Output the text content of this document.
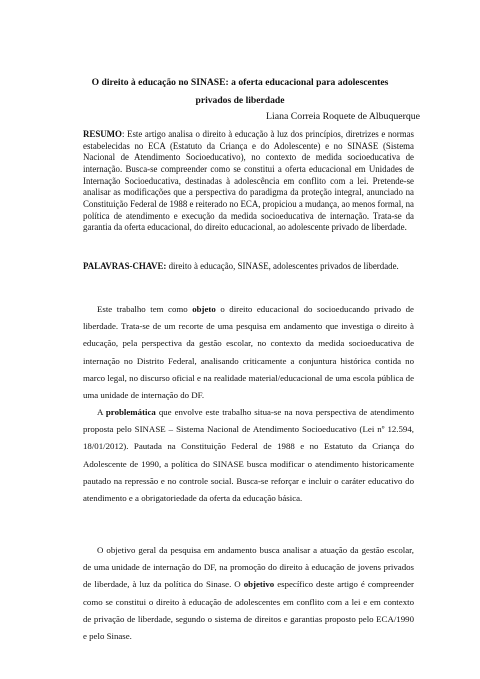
O direito à educação no SINASE: a oferta educacional para adolescentes
privados de liberdade
Liana Correia Roquete de Albuquerque

RESUMO: Este artigo analisa o direito à educação à luz dos princípios, diretrizes e normas estabelecidas no ECA (Estatuto da Criança e do Adolescente) e no SINASE (Sistema Nacional de Atendimento Socioeducativo), no contexto de medida socioeducativa de internação. Busca-se compreender como se constitui a oferta educacional em Unidades de Internação Socioeducativa, destinadas à adolescência em conflito com a lei. Pretende-se analisar as modificações que a perspectiva do paradigma da proteção integral, anunciado na Constituição Federal de 1988 e reiterado no ECA, propiciou a mudança, ao menos formal, na política de atendimento e execução da medida socioeducativa de internação. Trata-se da garantia da oferta educacional, do direito educacional, ao adolescente privado de liberdade.

PALAVRAS-CHAVE: direito à educação, SINASE, adolescentes privados de liberdade.

Este trabalho tem como objeto o direito educacional do socioeducando privado de liberdade. Trata-se de um recorte de uma pesquisa em andamento que investiga o direito à educação, pela perspectiva da gestão escolar, no contexto da medida socioeducativa de internação no Distrito Federal, analisando criticamente a conjuntura histórica contida no marco legal, no discurso oficial e na realidade material/educacional de uma escola pública de uma unidade de internação do DF.

A problemática que envolve este trabalho situa-se na nova perspectiva de atendimento proposta pelo SINASE – Sistema Nacional de Atendimento Socioeducativo (Lei nº 12.594, 18/01/2012). Pautada na Constituição Federal de 1988 e no Estatuto da Criança do Adolescente de 1990, a política do SINASE busca modificar o atendimento historicamente pautado na repressão e no controle social. Busca-se reforçar e incluir o caráter educativo do atendimento e a obrigatoriedade da oferta da educação básica.

O objetivo geral da pesquisa em andamento busca analisar a atuação da gestão escolar, de uma unidade de internação do DF, na promoção do direito à educação de jovens privados de liberdade, à luz da política do Sinase. O objetivo específico deste artigo é compreender como se constitui o direito à educação de adolescentes em conflito com a lei e em contexto de privação de liberdade, segundo o sistema de direitos e garantias proposto pelo ECA/1990 e pelo Sinase.
